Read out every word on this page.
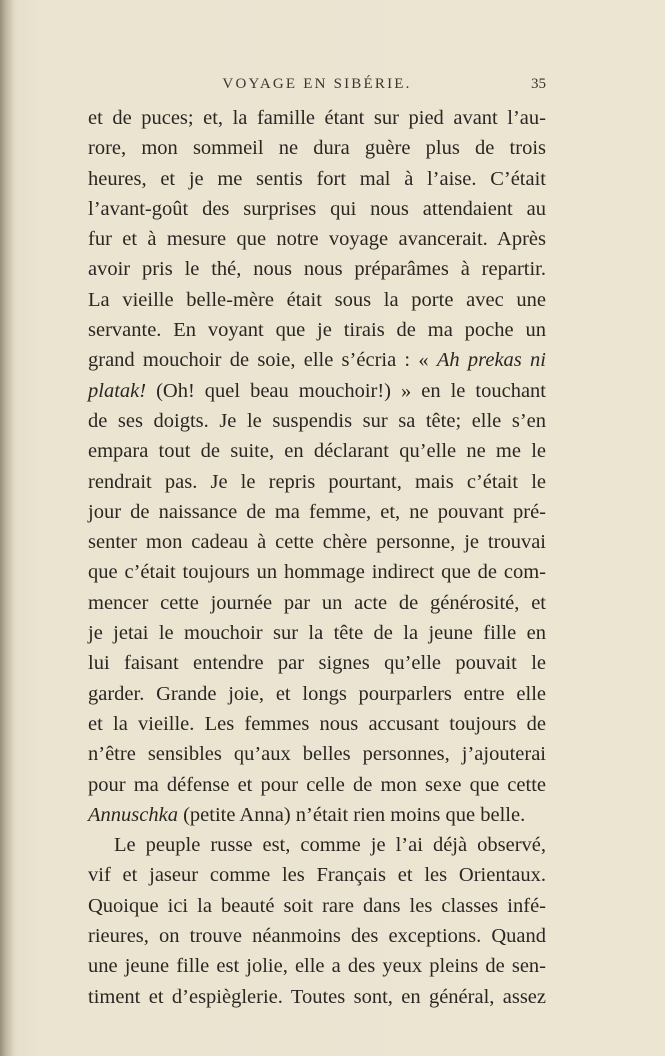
VOYAGE EN SIBÉRIE.	35
et de puces; et, la famille étant sur pied avant l’au-
rore, mon sommeil ne dura guère plus de trois
heures, et je me sentis fort mal à l’aise. C’était
l’avant-goût des surprises qui nous attendaient au
fur et à mesure que notre voyage avancerait. Après
avoir pris le thé, nous nous préparâmes à repartir.
La vieille belle-mère était sous la porte avec une
servante. En voyant que je tirais de ma poche un
grand mouchoir de soie, elle s’écria : « Ah prekas ni
platak! (Oh! quel beau mouchoir!) » en le touchant
de ses doigts. Je le suspendis sur sa tête; elle s’en
empara tout de suite, en déclarant qu’elle ne me le
rendrait pas. Je le repris pourtant, mais c’était le
jour de naissance de ma femme, et, ne pouvant pré-
senter mon cadeau à cette chère personne, je trouvai
que c’était toujours un hommage indirect que de com-
mencer cette journée par un acte de générosité, et
je jetai le mouchoir sur la tête de la jeune fille en
lui faisant entendre par signes qu’elle pouvait le
garder. Grande joie, et longs pourparlers entre elle
et la vieille. Les femmes nous accusant toujours de
n’être sensibles qu’aux belles personnes, j’ajouterai
pour ma défense et pour celle de mon sexe que cette
Annuschka (petite Anna) n’était rien moins que belle.
Le peuple russe est, comme je l’ai déjà observé,
vif et jaseur comme les Français et les Orientaux.
Quoique ici la beauté soit rare dans les classes infé-
rieures, on trouve néanmoins des exceptions. Quand
une jeune fille est jolie, elle a des yeux pleins de sen-
timent et d’espièglerie. Toutes sont, en général, assez
